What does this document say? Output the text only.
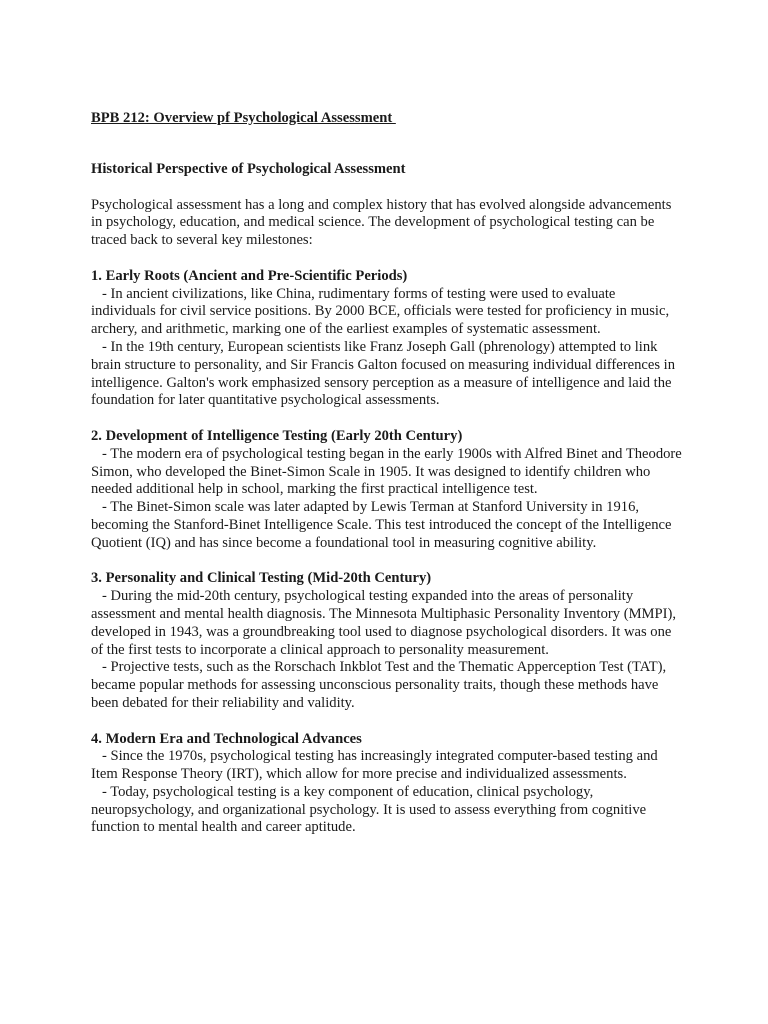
BPB 212: Overview pf Psychological Assessment

Historical Perspective of Psychological Assessment

Psychological assessment has a long and complex history that has evolved alongside advancements in psychology, education, and medical science. The development of psychological testing can be traced back to several key milestones:

1. Early Roots (Ancient and Pre-Scientific Periods)

- In ancient civilizations, like China, rudimentary forms of testing were used to evaluate individuals for civil service positions. By 2000 BCE, officials were tested for proficiency in music, archery, and arithmetic, marking one of the earliest examples of systematic assessment.

- In the 19th century, European scientists like Franz Joseph Gall (phrenology) attempted to link brain structure to personality, and Sir Francis Galton focused on measuring individual differences in intelligence. Galton's work emphasized sensory perception as a measure of intelligence and laid the foundation for later quantitative psychological assessments.

2. Development of Intelligence Testing (Early 20th Century)

- The modern era of psychological testing began in the early 1900s with Alfred Binet and Theodore Simon, who developed the Binet-Simon Scale in 1905. It was designed to identify children who needed additional help in school, marking the first practical intelligence test.

- The Binet-Simon scale was later adapted by Lewis Terman at Stanford University in 1916, becoming the Stanford-Binet Intelligence Scale. This test introduced the concept of the Intelligence Quotient (IQ) and has since become a foundational tool in measuring cognitive ability.

3. Personality and Clinical Testing (Mid-20th Century)

- During the mid-20th century, psychological testing expanded into the areas of personality assessment and mental health diagnosis. The Minnesota Multiphasic Personality Inventory (MMPI), developed in 1943, was a groundbreaking tool used to diagnose psychological disorders. It was one of the first tests to incorporate a clinical approach to personality measurement.

- Projective tests, such as the Rorschach Inkblot Test and the Thematic Apperception Test (TAT), became popular methods for assessing unconscious personality traits, though these methods have been debated for their reliability and validity.

4. Modern Era and Technological Advances

- Since the 1970s, psychological testing has increasingly integrated computer-based testing and Item Response Theory (IRT), which allow for more precise and individualized assessments.

- Today, psychological testing is a key component of education, clinical psychology, neuropsychology, and organizational psychology. It is used to assess everything from cognitive function to mental health and career aptitude.
